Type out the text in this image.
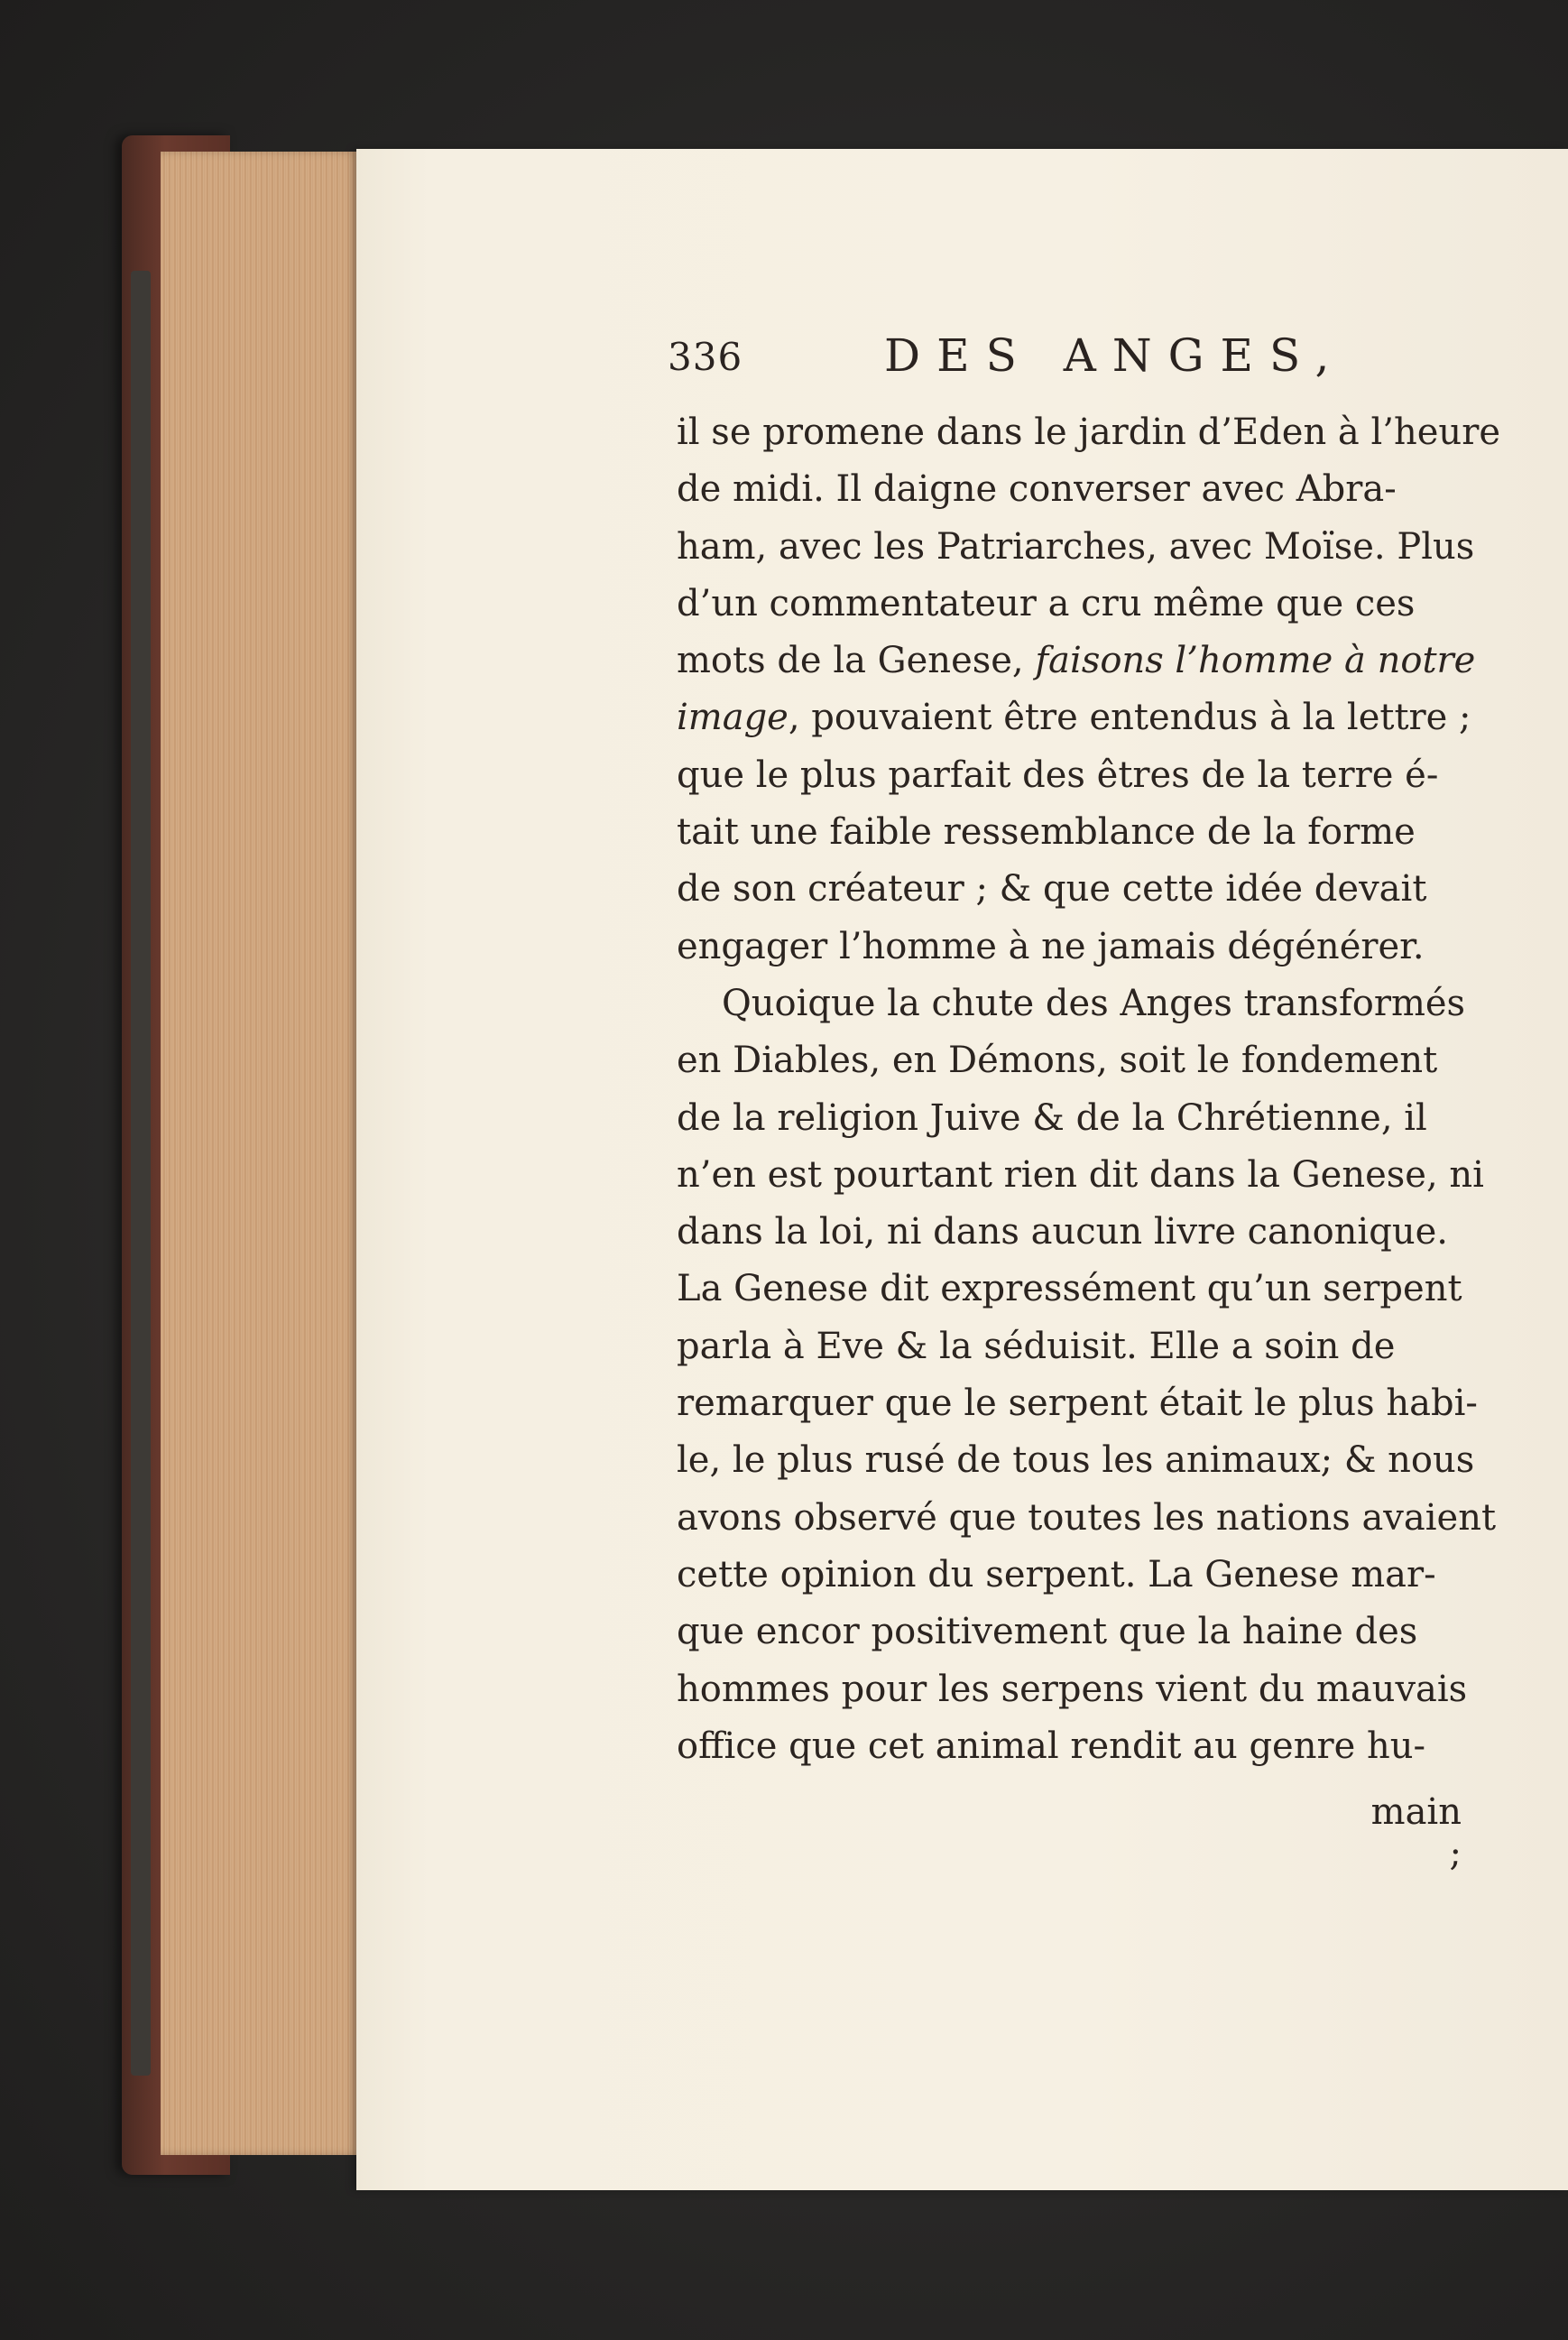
336	DES ANGES,
il se promene dans le jardin d’Eden à l’heure
de midi. Il daigne converser avec Abra-
ham, avec les Patriarches, avec Moïse. Plus
d’un commentateur a cru même que ces
mots de la Genese, faisons l’homme à notre
image, pouvaient être entendus à la lettre ;
que le plus parfait des êtres de la terre é-
tait une faible ressemblance de la forme
de son créateur ; & que cette idée devait
engager l’homme à ne jamais dégénérer.
Quoique la chute des Anges transformés
en Diables, en Démons, soit le fondement
de la religion Juive & de la Chrétienne, il
n’en est pourtant rien dit dans la Genese, ni
dans la loi, ni dans aucun livre canonique.
La Genese dit expressément qu’un serpent
parla à Eve & la séduisit. Elle a soin de
remarquer que le serpent était le plus habi-
le, le plus rusé de tous les animaux; & nous
avons observé que toutes les nations avaient
cette opinion du serpent. La Genese mar-
que encor positivement que la haine des
hommes pour les serpens vient du mauvais
office que cet animal rendit au genre hu-
main ;
